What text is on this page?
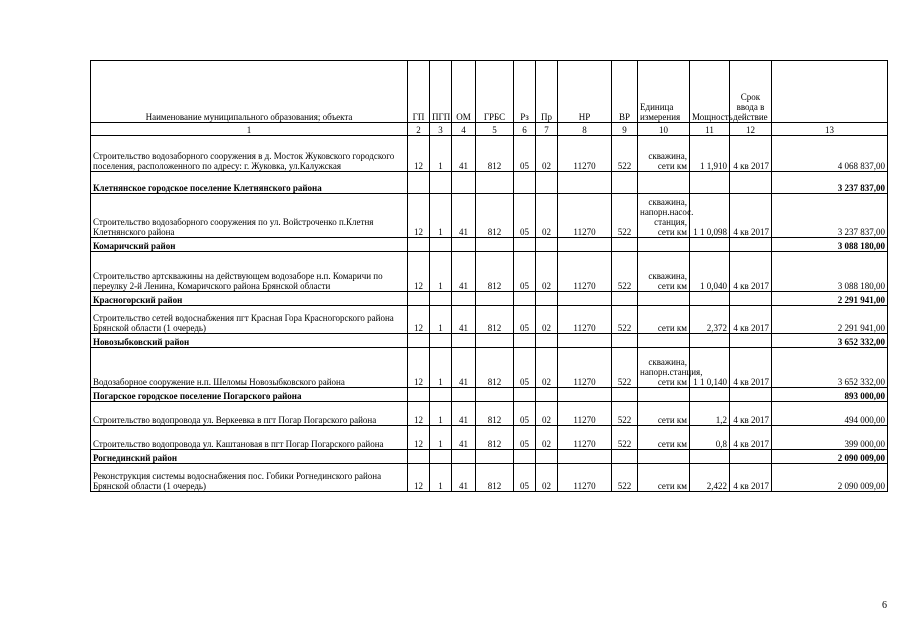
Наименование муниципального образования; объекта	ГП	ПГП	ОМ	ГРБС	Рз	Пр	НР	ВР	Единица измерения	Мощность	Срок ввода в действие	
1	2	3	4	5	6	7	8	9	10	11	12	13
Строительство водозаборного сооружения в д. Мосток Жуковского городского поселения, расположенного по адресу: г. Жуковка, ул.Калужская	12	1	41	812	05	02	11270	522	скважина, сети км	1 1,910	4 кв 2017	4 068 837,00
Клетнянское городское поселение Клетнянского района												3 237 837,00
Строительство водозаборного сооружения по ул. Войстроченко п.Клетня Клетнянского района	12	1	41	812	05	02	11270	522	скважина, напорн.насос. станция, сети км	1 1 0,098	4 кв 2017	3 237 837,00
Комаричский район												3 088 180,00
Строительство артскважины на действующем водозаборе н.п. Комаричи по переулку 2-й Ленина, Комаричского района Брянской области	12	1	41	812	05	02	11270	522	скважина, сети км	1 0,040	4 кв 2017	3 088 180,00
Красногорский район												2 291 941,00
Строительство сетей водоснабжения пгт Красная Гора Красногорского района Брянской области (1 очередь)	12	1	41	812	05	02	11270	522	сети км	2,372	4 кв 2017	2 291 941,00
Новозыбковский район												3 652 332,00
Водозаборное сооружение н.п. Шеломы Новозыбковского района	12	1	41	812	05	02	11270	522	скважина, напорн.станция, сети км	1 1 0,140	4 кв 2017	3 652 332,00
Погарское городское поселение Погарского района												893 000,00
Строительство водопровода ул. Веркеевка в пгт Погар Погарского района	12	1	41	812	05	02	11270	522	сети км	1,2	4 кв 2017	494 000,00
Строительство водопровода ул. Каштановая в пгт Погар Погарского района	12	1	41	812	05	02	11270	522	сети км	0,8	4 кв 2017	399 000,00
Рогнединский район												2 090 009,00
Реконструкция системы водоснабжения пос. Гобики Рогнединского района Брянской области (1 очередь)	12	1	41	812	05	02	11270	522	сети км	2,422	4 кв 2017	2 090 009,00
6
